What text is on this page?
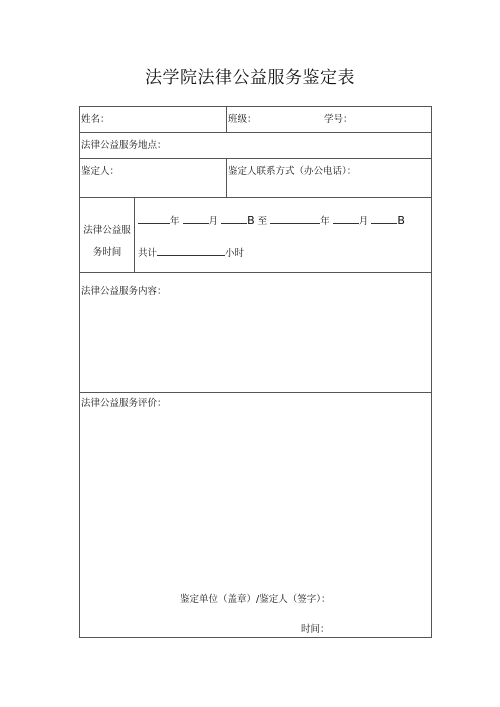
法学院法律公益服务鉴定表
姓名：	班级：	学号：
法律公益服务地点：
鉴定人：	鉴定人联系方式（办公电话）：
法律公益服
务时间
年	月	B 至	年	月	B
共计	小时
法律公益服务内容：
法律公益服务评价：
鉴定单位（盖章）/鉴定人（签字）：
时间：
